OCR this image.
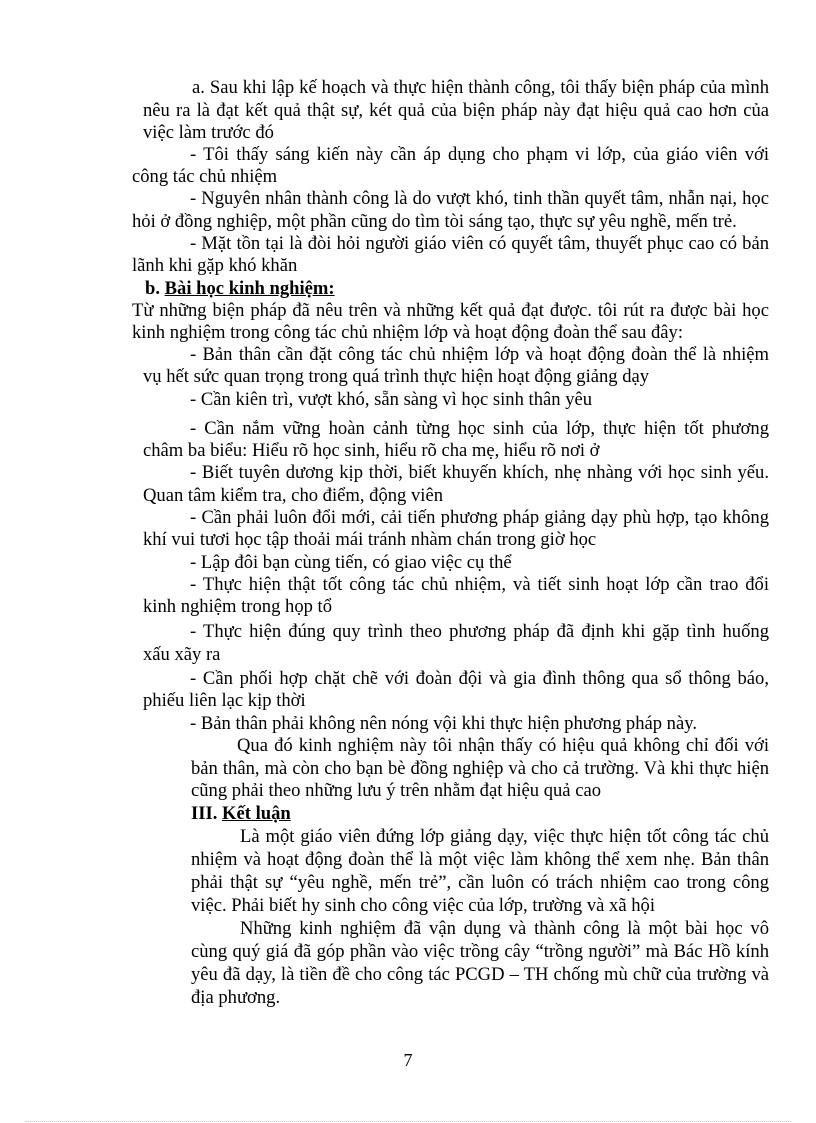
a. Sau khi lập kế hoạch và thực hiện thành công, tôi thấy biện pháp của mình
nêu ra là đạt kết quả thật sự, két quả của biện pháp này đạt hiệu quả cao hơn của
việc làm trước đó
- Tôi thấy sáng kiến này cần áp dụng cho phạm vi lớp, của giáo viên với
công tác chủ nhiệm
- Nguyên nhân thành công là do vượt khó, tinh thần quyết tâm, nhẫn nại, học
hỏi ở đồng nghiệp, một phần cũng do tìm tòi sáng tạo, thực sự yêu nghề, mến trẻ.
- Mặt tồn tại là đòi hỏi người giáo viên có quyết tâm, thuyết phục cao có bản
lãnh khi gặp khó khăn
Từ những biện pháp đã nêu trên và những kết quả đạt được. tôi rút ra được bài học
kinh nghiệm trong công tác chủ nhiệm lớp và hoạt động đoàn thể sau đây:
- Bản thân cần đặt công tác chủ nhiệm lớp và hoạt động đoàn thể là nhiệm
vụ hết sức quan trọng trong quá trình thực hiện hoạt động giảng dạy
- Cần kiên trì, vượt khó, sẵn sàng vì học sinh thân yêu
- Cần nắm vững hoàn cảnh từng học sinh của lớp, thực hiện tốt phương
châm ba biểu: Hiểu rõ học sinh, hiểu rõ cha mẹ, hiểu rõ nơi ở
- Biết tuyên dương kịp thời, biết khuyến khích, nhẹ nhàng với học sinh yếu.
Quan tâm kiểm tra, cho điểm, động viên
- Cần phải luôn đổi mới, cải tiến phương pháp giảng dạy phù hợp, tạo không
khí vui tươi học tập thoải mái tránh nhàm chán trong giờ học
- Lập đôi bạn cùng tiến, có giao việc cụ thể
- Thực hiện thật tốt công tác chủ nhiệm, và tiết sinh hoạt lớp cần trao đổi
kinh nghiệm trong họp tổ
- Thực hiện đúng quy trình theo phương pháp đã định khi gặp tình huống
xấu xãy ra
- Cần phối hợp chặt chẽ với đoàn đội và gia đình thông qua sổ thông báo,
phiếu liên lạc kịp thời
- Bản thân phải không nên nóng vội khi thực hiện phương pháp này.
Qua đó kinh nghiệm này tôi nhận thấy có hiệu quả không chỉ đối với
bản thân, mà còn cho bạn bè đồng nghiệp và cho cả trường. Và khi thực hiện
cũng phải theo những lưu ý trên nhằm đạt hiệu quả cao
Là một giáo viên đứng lớp giảng dạy, việc thực hiện tốt công tác chủ
nhiệm và hoạt động đoàn thể là một việc làm không thể xem nhẹ. Bản thân
phải thật sự “yêu nghề, mến trẻ”, cần luôn có trách nhiệm cao trong công
việc. Phải biết hy sinh cho công việc của lớp, trường và xã hội
Những kinh nghiệm đã vận dụng và thành công là một bài học vô
cùng quý giá đã góp phần vào việc trồng cây “trồng người” mà Bác Hồ kính
yêu đã dạy, là tiền đề cho công tác PCGD – TH chống mù chữ của trường và
địa phương.
b. Bài học kinh nghiệm:
III. Kết luận
7
